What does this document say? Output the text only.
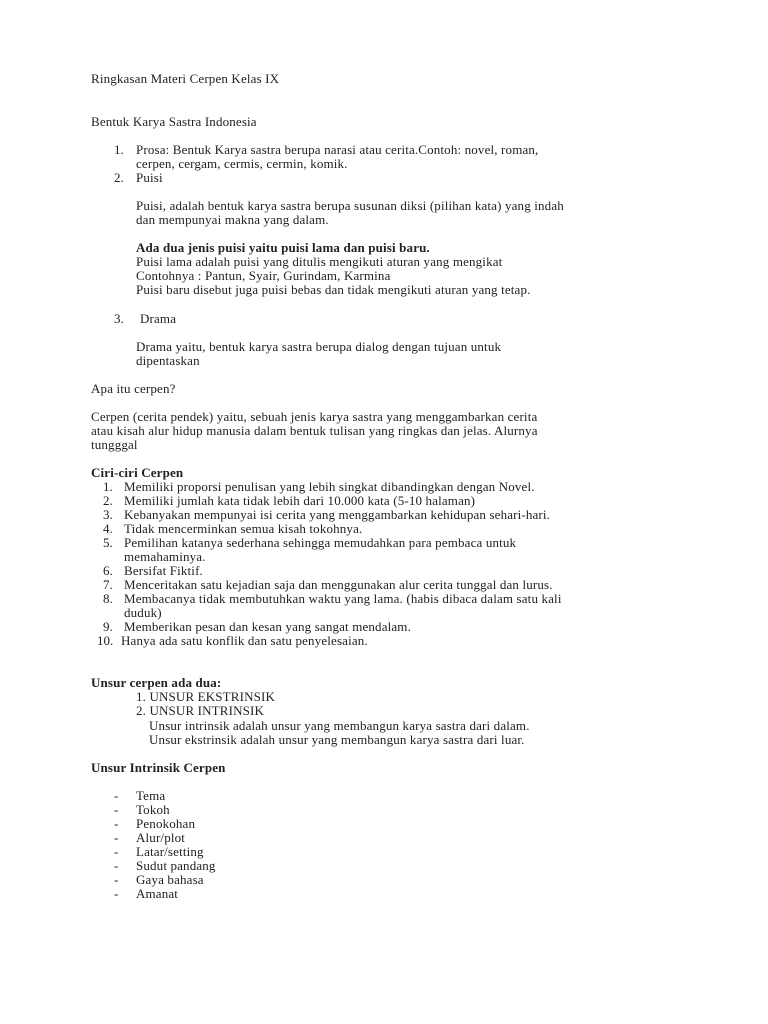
Ringkasan Materi Cerpen Kelas IX
Bentuk Karya Sastra Indonesia
1. Prosa: Bentuk Karya sastra berupa narasi atau cerita.Contoh: novel, roman,
cerpen, cergam, cermis, cermin, komik.
2. Puisi
Puisi, adalah bentuk karya sastra berupa susunan diksi (pilihan kata) yang indah
dan mempunyai makna yang dalam.
Ada dua jenis puisi yaitu puisi lama dan puisi baru.
Puisi lama adalah puisi yang ditulis mengikuti aturan yang mengikat
Contohnya : Pantun, Syair, Gurindam, Karmina
Puisi baru disebut juga puisi bebas dan tidak mengikuti aturan yang tetap.
3. Drama
Drama yaitu, bentuk karya sastra berupa dialog dengan tujuan untuk
dipentaskan
Apa itu cerpen?
Cerpen (cerita pendek) yaitu, sebuah jenis karya sastra yang menggambarkan cerita
atau kisah alur hidup manusia dalam bentuk tulisan yang ringkas dan jelas. Alurnya
tungggal
Ciri-ciri Cerpen
1. Memiliki proporsi penulisan yang lebih singkat dibandingkan dengan Novel.
2. Memiliki jumlah kata tidak lebih dari 10.000 kata (5-10 halaman)
3. Kebanyakan mempunyai isi cerita yang menggambarkan kehidupan sehari-hari.
4. Tidak mencerminkan semua kisah tokohnya.
5. Pemilihan katanya sederhana sehingga memudahkan para pembaca untuk
memahaminya.
6. Bersifat Fiktif.
7. Menceritakan satu kejadian saja dan menggunakan alur cerita tunggal dan lurus.
8. Membacanya tidak membutuhkan waktu yang lama. (habis dibaca dalam satu kali
duduk)
9. Memberikan pesan dan kesan yang sangat mendalam.
10. Hanya ada satu konflik dan satu penyelesaian.
Unsur cerpen ada dua:
1. UNSUR EKSTRINSIK
2. UNSUR INTRINSIK
Unsur intrinsik adalah unsur yang membangun karya sastra dari dalam.
Unsur ekstrinsik adalah unsur yang membangun karya sastra dari luar.
Unsur Intrinsik Cerpen
- Tema
- Tokoh
- Penokohan
- Alur/plot
- Latar/setting
- Sudut pandang
- Gaya bahasa
- Amanat
